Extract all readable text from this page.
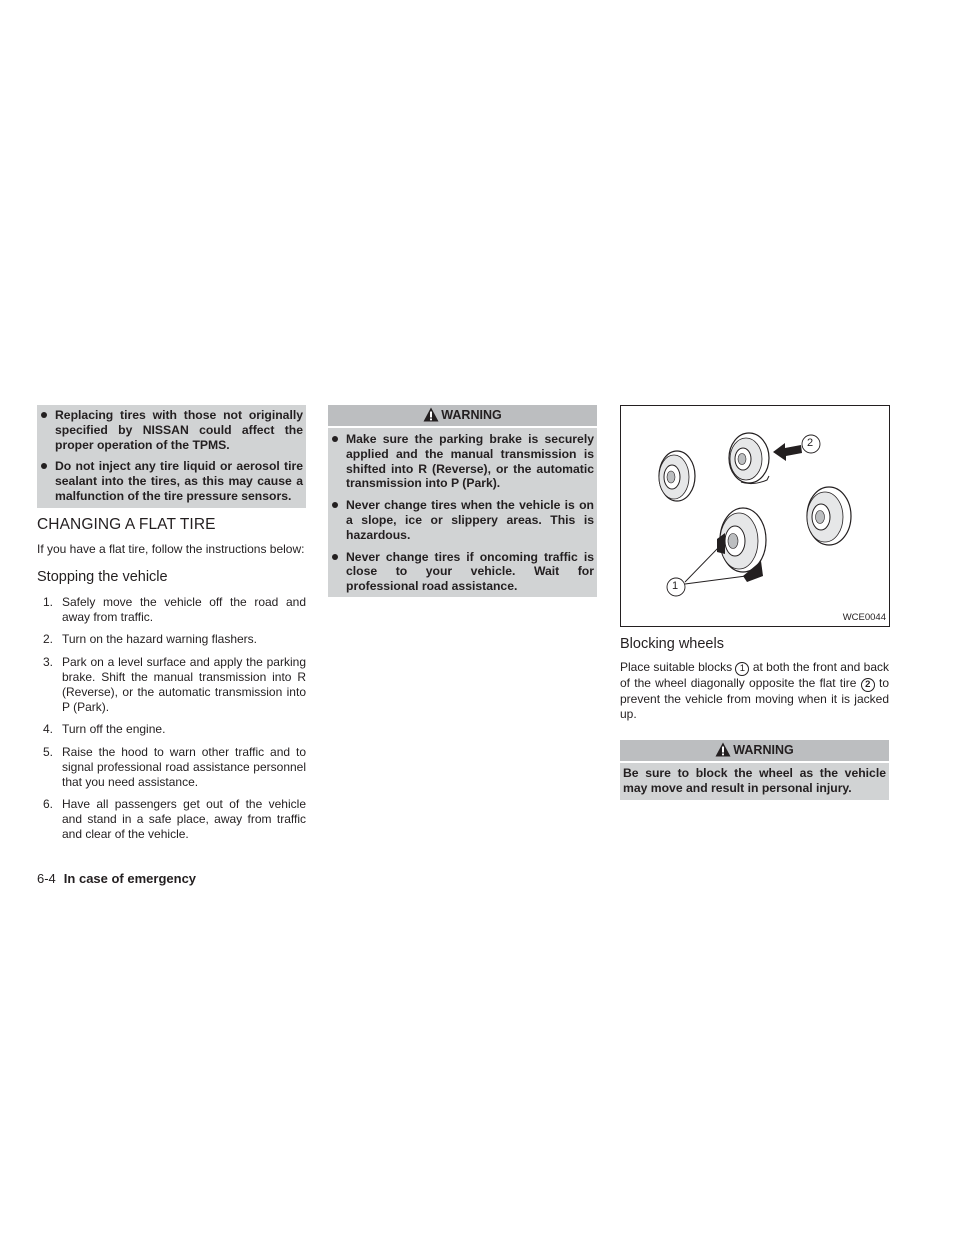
Replacing tires with those not originally specified by NISSAN could affect the proper operation of the TPMS.
Do not inject any tire liquid or aerosol tire sealant into the tires, as this may cause a malfunction of the tire pressure sensors.
CHANGING A FLAT TIRE

If you have a flat tire, follow the instructions below:

Stopping the vehicle
1. Safely move the vehicle off the road and away from traffic.
2. Turn on the hazard warning flashers.
3. Park on a level surface and apply the parking brake. Shift the manual transmission into R (Reverse), or the automatic transmission into P (Park).
4. Turn off the engine.
5. Raise the hood to warn other traffic and to signal professional road assistance personnel that you need assistance.
6. Have all passengers get out of the vehicle and stand in a safe place, away from traffic and clear of the vehicle.
6-4 In case of emergency
WARNING
Make sure the parking brake is securely applied and the manual transmission is shifted into R (Reverse), or the automatic transmission into P (Park).
Never change tires when the vehicle is on a slope, ice or slippery areas. This is hazardous.
Never change tires if oncoming traffic is close to your vehicle. Wait for professional road assistance.	1
2
WCE0044
Blocking wheels

Place suitable blocks 1 at both the front and back of the wheel diagonally opposite the flat tire 2 to prevent the vehicle from moving when it is jacked up.

WARNING

Be sure to block the wheel as the vehicle may move and result in personal injury.
